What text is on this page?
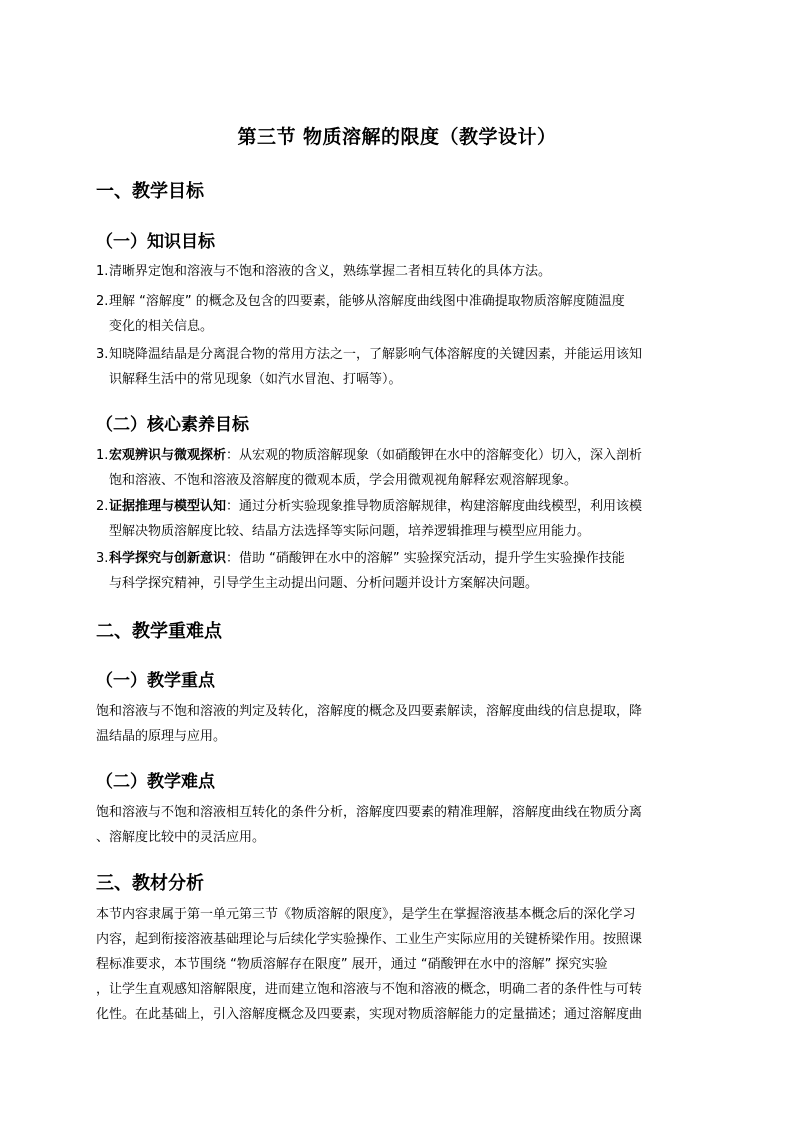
第三节 物质溶解的限度（教学设计）
一、教学目标
（一）知识目标
1. 清晰界定饱和溶液与不饱和溶液的含义，熟练掌握二者相互转化的具体方法。
2. 理解 “溶解度” 的概念及包含的四要素，能够从溶解度曲线图中准确提取物质溶解度随温度
变化的相关信息。
3. 知晓降温结晶是分离混合物的常用方法之一，了解影响气体溶解度的关键因素，并能运用该知
识解释生活中的常见现象（如汽水冒泡、打嗝等）。
（二）核心素养目标
1. 宏观辨识与微观探析：从宏观的物质溶解现象（如硝酸钾在水中的溶解变化）切入，深入剖析
饱和溶液、不饱和溶液及溶解度的微观本质，学会用微观视角解释宏观溶解现象。
2. 证据推理与模型认知：通过分析实验现象推导物质溶解规律，构建溶解度曲线模型，利用该模
型解决物质溶解度比较、结晶方法选择等实际问题，培养逻辑推理与模型应用能力。
3. 科学探究与创新意识：借助 “硝酸钾在水中的溶解” 实验探究活动，提升学生实验操作技能
与科学探究精神，引导学生主动提出问题、分析问题并设计方案解决问题。
二、教学重难点
（一）教学重点

饱和溶液与不饱和溶液的判定及转化，溶解度的概念及四要素解读，溶解度曲线的信息提取，降
温结晶的原理与应用。

（二）教学难点

饱和溶液与不饱和溶液相互转化的条件分析，溶解度四要素的精准理解，溶解度曲线在物质分离
、溶解度比较中的灵活应用。

三、教材分析

本节内容隶属于第一单元第三节《物质溶解的限度》，是学生在掌握溶液基本概念后的深化学习
内容，起到衔接溶液基础理论与后续化学实验操作、工业生产实际应用的关键桥梁作用。按照课
程标准要求，本节围绕 “物质溶解存在限度” 展开，通过 “硝酸钾在水中的溶解” 探究实验
，让学生直观感知溶解限度，进而建立饱和溶液与不饱和溶液的概念，明确二者的条件性与可转
化性。在此基础上，引入溶解度概念及四要素，实现对物质溶解能力的定量描述；通过溶解度曲
